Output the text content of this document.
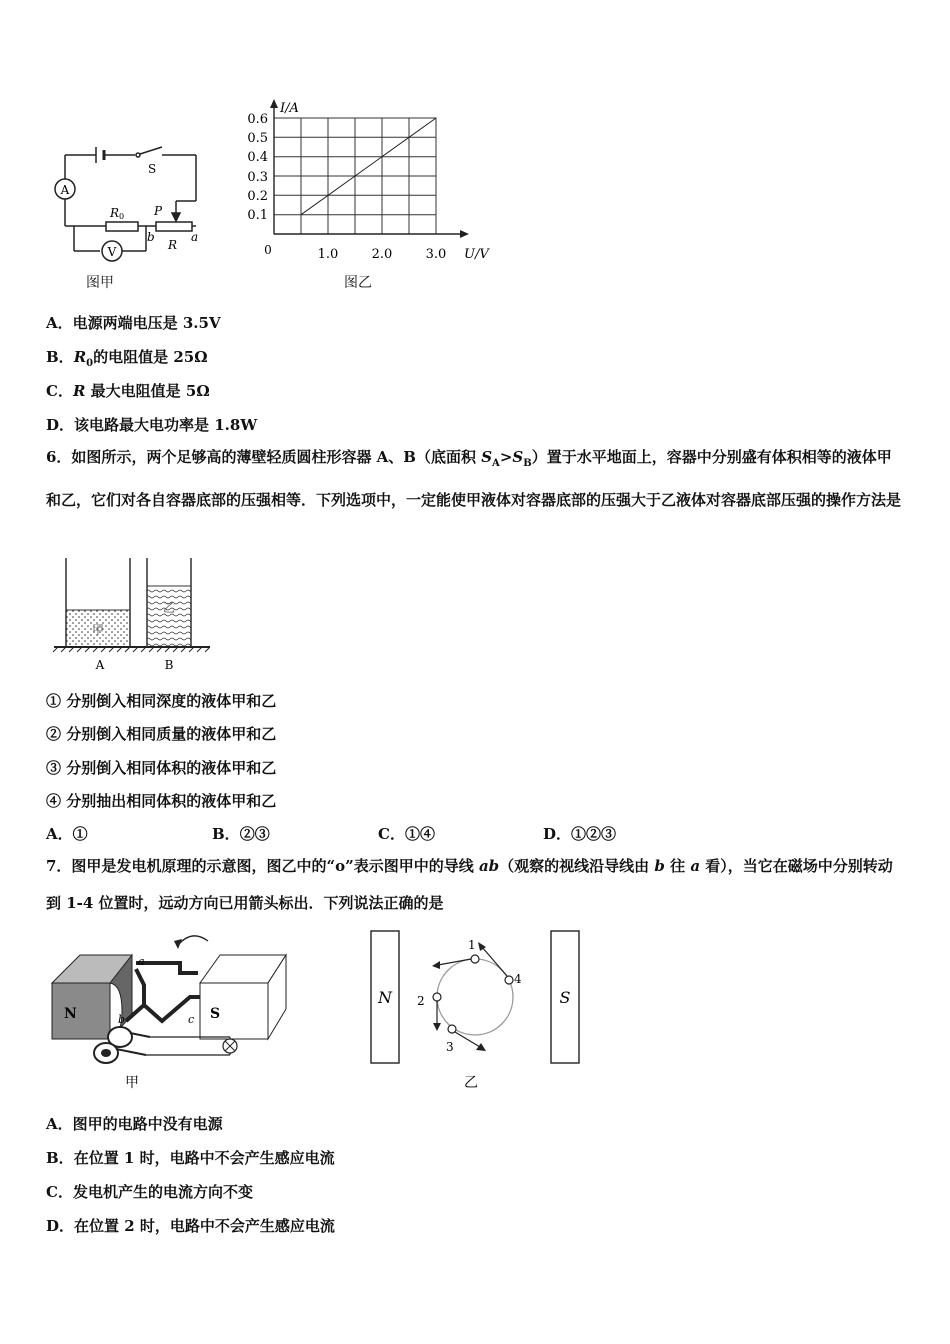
A
V
S
R 0 P
b
R
a
图甲
I/A
U/V
0
0.6
0.5
0.4
0.3
0.2
0.1
1.0	2.0	3.0
图乙
A．电源两端电压是 3.5V
B．$R_0$的电阻值是 25Ω
C．R 最大电阻值是 5Ω
D．该电路最大电功率是 1.8W
6．如图所示，两个足够高的薄壁轻质圆柱形容器 A、B（底面积 $S_A>S_B$）置于水平地面上，容器中分别盛有体积相等的液体甲和乙，它们对各自容器底部的压强相等．下列选项中，一定能使甲液体对容器底部的压强大于乙液体对容器底部压强的操作方法是
甲
乙
A	B
① 分别倒入相同深度的液体甲和乙
② 分别倒入相同质量的液体甲和乙
③ 分别倒入相同体积的液体甲和乙
④ 分别抽出相同体积的液体甲和乙
A．①	B．②③	C．①④	D．①②③
7．图甲是发电机原理的示意图，图乙中的“o”表示图甲中的导线 ab（观察的视线沿导线由 b 往 a 看），当它在磁场中分别转动到 1-4 位置时，远动方向已用箭头标出．下列说法正确的是
N	S
a
b	c
甲
N	S
1
2
3
4
乙
A．图甲的电路中没有电源
B．在位置 1 时，电路中不会产生感应电流
C．发电机产生的电流方向不变
D．在位置 2 时，电路中不会产生感应电流
